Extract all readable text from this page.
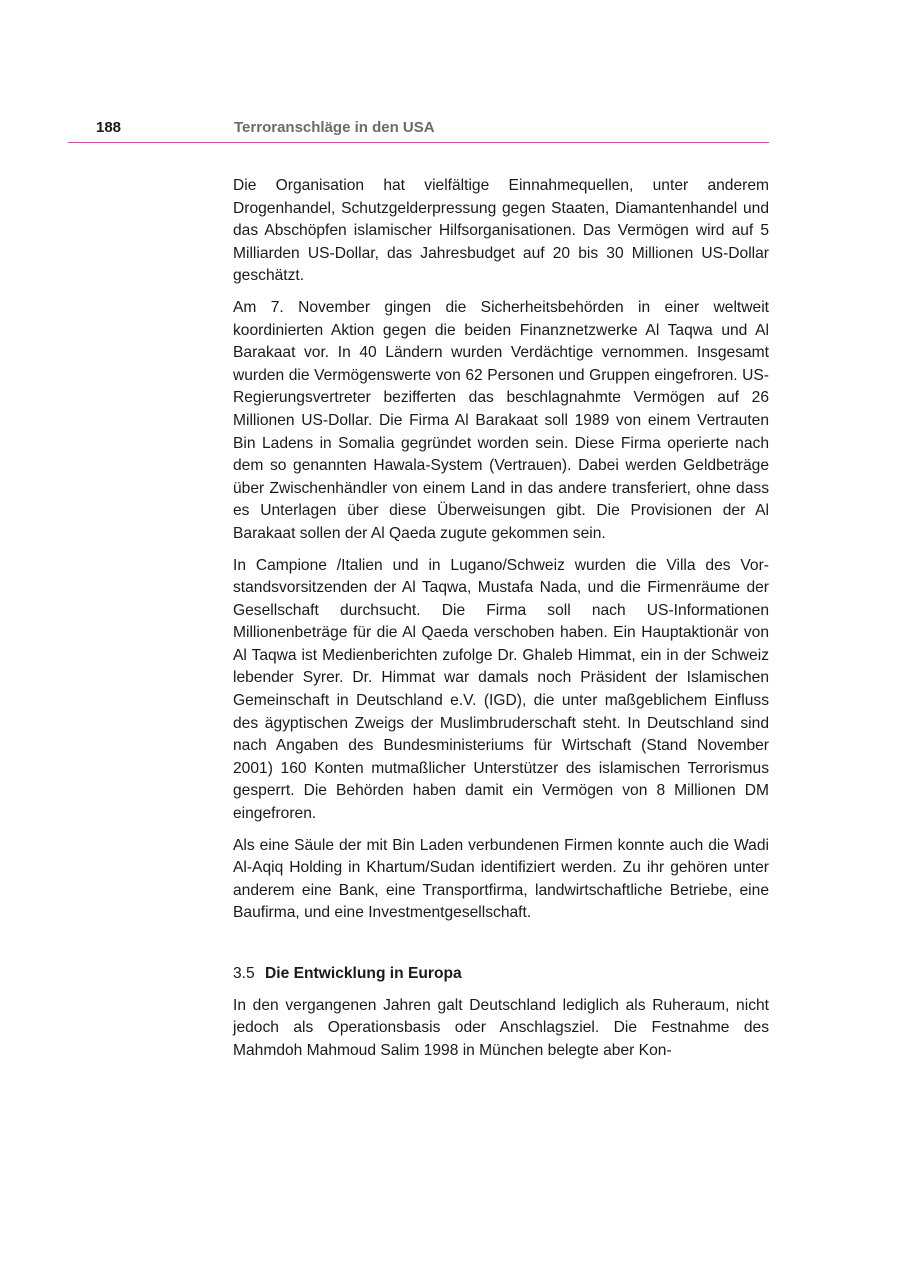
188	Terroranschläge in den USA

Die Organisation hat vielfältige Einnahmequellen, unter anderem Drogenhandel, Schutzgelderpressung gegen Staaten, Diamantenhandel und das Abschöpfen islamischer Hilfsorganisationen. Das Vermögen wird auf 5 Milliarden US-Dollar, das Jahresbudget auf 20 bis 30 Millionen US-Dollar geschätzt.

Am 7. November gingen die Sicherheitsbehörden in einer weltweit koordinierten Aktion gegen die beiden Finanznetzwerke Al Taqwa und Al Barakaat vor. In 40 Ländern wurden Verdächtige vernommen. Insgesamt wurden die Vermögenswerte von 62 Personen und Gruppen eingefroren. US-Regierungsvertreter bezifferten das beschlagnahmte Vermögen auf 26 Millionen US-Dollar. Die Firma Al Barakaat soll 1989 von einem Vertrauten Bin Ladens in Somalia gegründet worden sein. Diese Firma operierte nach dem so genannten Hawala-System (Vertrauen). Dabei werden Geldbeträge über Zwischenhändler von einem Land in das andere transferiert, ohne dass es Unterlagen über diese Überweisungen gibt. Die Provisionen der Al Barakaat sollen der Al Qaeda zugute gekommen sein.

In Campione /Italien und in Lugano/Schweiz wurden die Villa des Vorstandsvorsitzenden der Al Taqwa, Mustafa Nada, und die Firmenräume der Gesellschaft durchsucht. Die Firma soll nach US-Informationen Millionenbeträge für die Al Qaeda verschoben haben. Ein Hauptaktionär von Al Taqwa ist Medienberichten zufolge Dr. Ghaleb Himmat, ein in der Schweiz lebender Syrer. Dr. Himmat war damals noch Präsident der Islamischen Gemeinschaft in Deutschland e.V. (IGD), die unter maßgeblichem Einfluss des ägyptischen Zweigs der Muslimbruderschaft steht. In Deutschland sind nach Angaben des Bundesministeriums für Wirtschaft (Stand November 2001) 160 Konten mutmaßlicher Unterstützer des islamischen Terrorismus gesperrt. Die Behörden haben damit ein Vermögen von 8 Millionen DM eingefroren.

Als eine Säule der mit Bin Laden verbundenen Firmen konnte auch die Wadi Al-Aqiq Holding in Khartum/Sudan identifiziert werden. Zu ihr gehören unter anderem eine Bank, eine Transportfirma, landwirtschaftliche Betriebe, eine Baufirma, und eine Investmentgesellschaft.

3.5 Die Entwicklung in Europa

In den vergangenen Jahren galt Deutschland lediglich als Ruheraum, nicht jedoch als Operationsbasis oder Anschlagsziel. Die Festnahme des Mahmdoh Mahmoud Salim 1998 in München belegte aber Kon-
